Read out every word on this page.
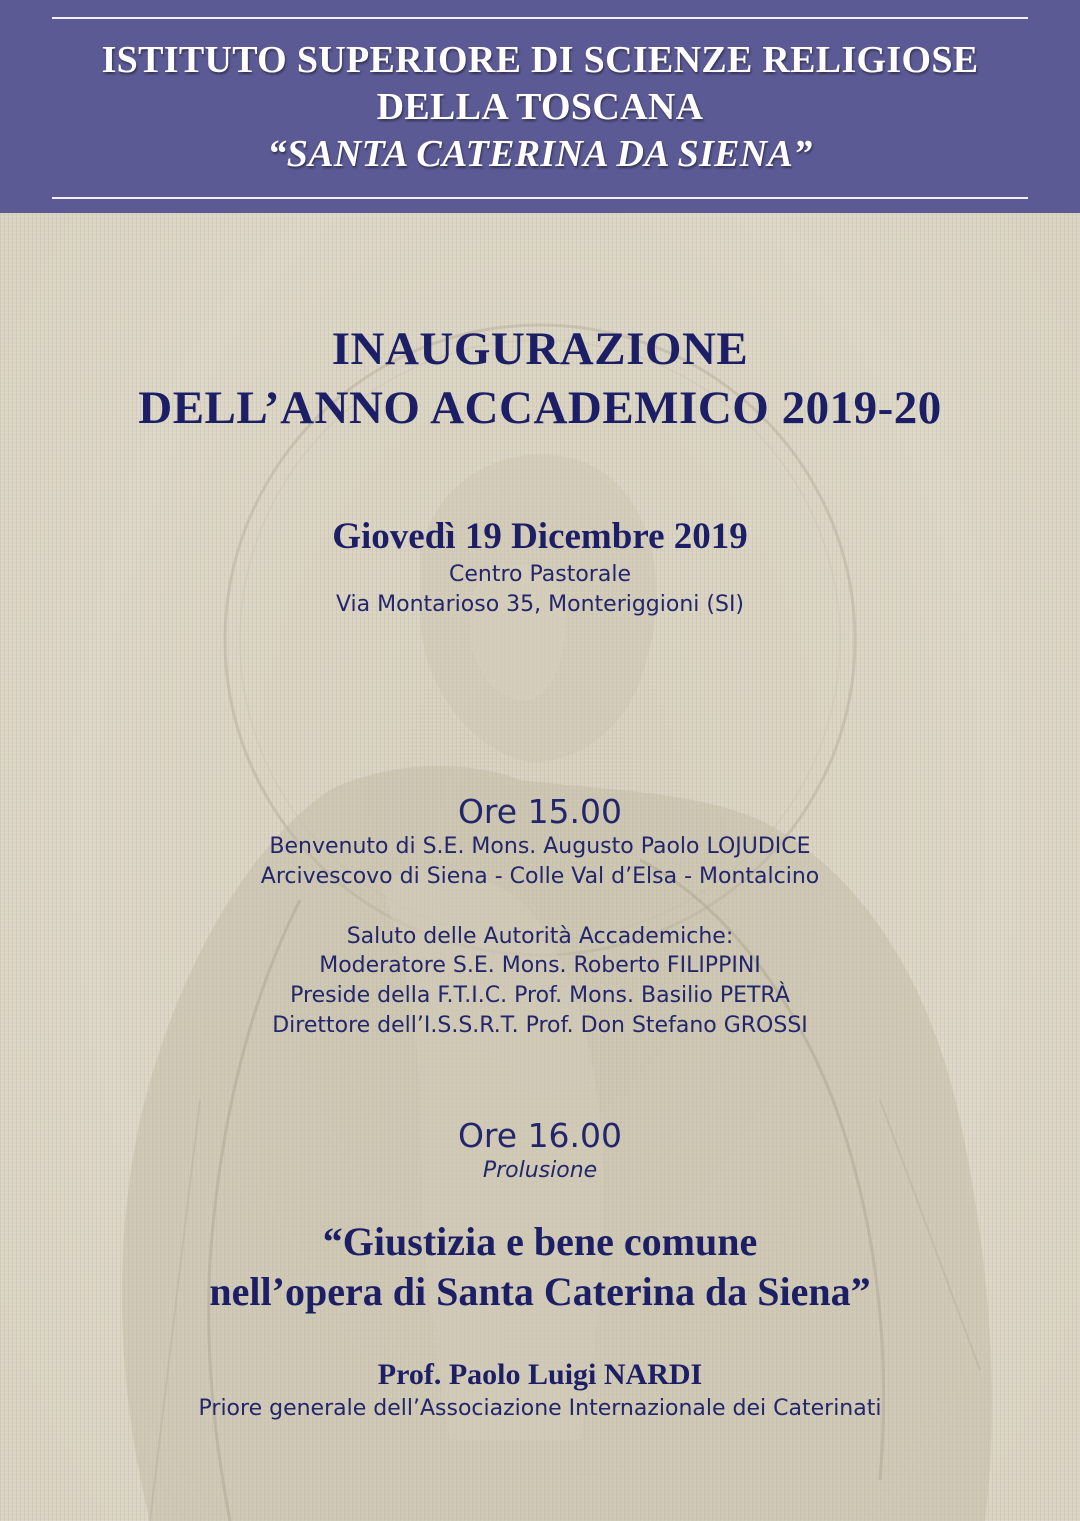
ISTITUTO SUPERIORE DI SCIENZE RELIGIOSE
DELLA TOSCANA
“SANTA CATERINA DA SIENA”
INAUGURAZIONE
DELL’ANNO ACCADEMICO 2019-20
Giovedì 19 Dicembre 2019
Centro Pastorale
Via Montarioso 35, Monteriggioni (SI)
Ore 15.00
Benvenuto di S.E. Mons. Augusto Paolo LOJUDICE
Arcivescovo di Siena - Colle Val d’Elsa - Montalcino
Saluto delle Autorità Accademiche:
Moderatore S.E. Mons. Roberto FILIPPINI
Preside della F.T.I.C. Prof. Mons. Basilio PETRÀ
Direttore dell’I.S.S.R.T. Prof. Don Stefano GROSSI
Ore 16.00
Prolusione
“Giustizia e bene comune
nell’opera di Santa Caterina da Siena”
Prof. Paolo Luigi NARDI
Priore generale dell’Associazione Internazionale dei Caterinati
